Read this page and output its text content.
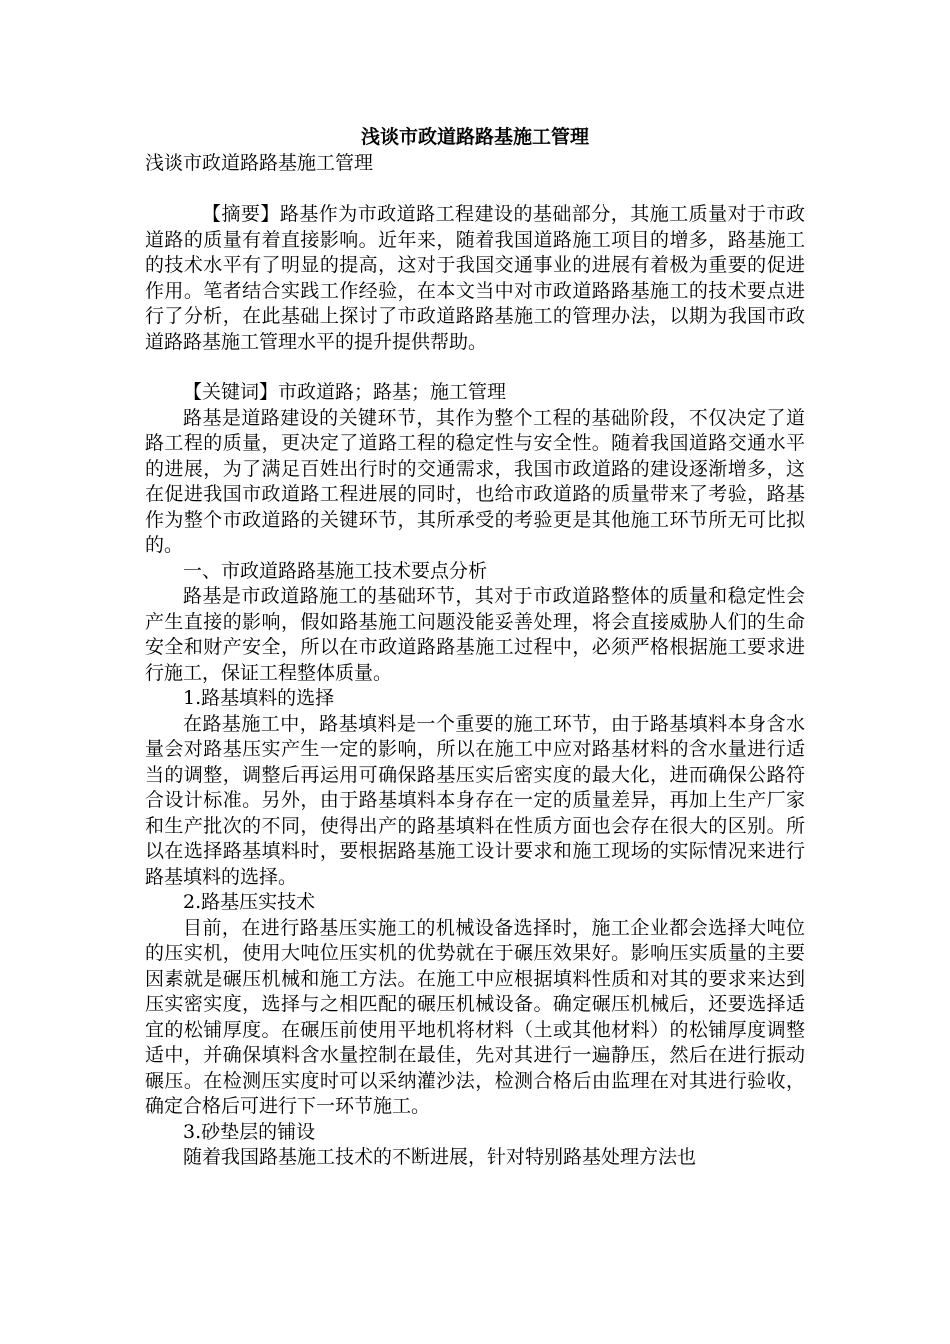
浅谈市政道路路基施工管理

浅谈市政道路路基施工管理

【摘要】路基作为市政道路工程建设的基础部分，其施工质量对于市政道路的质量有着直接影响。近年来，随着我国道路施工项目的增多，路基施工的技术水平有了明显的提高，这对于我国交通事业的进展有着极为重要的促进作用。笔者结合实践工作经验，在本文当中对市政道路路基施工的技术要点进行了分析，在此基础上探讨了市政道路路基施工的管理办法，以期为我国市政道路路基施工管理水平的提升提供帮助。

【关键词】市政道路；路基；施工管理

路基是道路建设的关键环节，其作为整个工程的基础阶段，不仅决定了道路工程的质量，更决定了道路工程的稳定性与安全性。随着我国道路交通水平的进展，为了满足百姓出行时的交通需求，我国市政道路的建设逐渐增多，这在促进我国市政道路工程进展的同时，也给市政道路的质量带来了考验，路基作为整个市政道路的关键环节，其所承受的考验更是其他施工环节所无可比拟的。

一、市政道路路基施工技术要点分析

路基是市政道路施工的基础环节，其对于市政道路整体的质量和稳定性会产生直接的影响，假如路基施工问题没能妥善处理，将会直接威胁人们的生命安全和财产安全，所以在市政道路路基施工过程中，必须严格根据施工要求进行施工，保证工程整体质量。

1.路基填料的选择

在路基施工中，路基填料是一个重要的施工环节，由于路基填料本身含水量会对路基压实产生一定的影响，所以在施工中应对路基材料的含水量进行适当的调整，调整后再运用可确保路基压实后密实度的最大化，进而确保公路符合设计标准。另外，由于路基填料本身存在一定的质量差异，再加上生产厂家和生产批次的不同，使得出产的路基填料在性质方面也会存在很大的区别。所以在选择路基填料时，要根据路基施工设计要求和施工现场的实际情况来进行路基填料的选择。

2.路基压实技术

目前，在进行路基压实施工的机械设备选择时，施工企业都会选择大吨位的压实机，使用大吨位压实机的优势就在于碾压效果好。影响压实质量的主要因素就是碾压机械和施工方法。在施工中应根据填料性质和对其的要求来达到压实密实度，选择与之相匹配的碾压机械设备。确定碾压机械后，还要选择适宜的松铺厚度。在碾压前使用平地机将材料（土或其他材料）的松铺厚度调整适中，并确保填料含水量控制在最佳，先对其进行一遍静压，然后在进行振动碾压。在检测压实度时可以采纳灌沙法，检测合格后由监理在对其进行验收，确定合格后可进行下一环节施工。

3.砂垫层的铺设

随着我国路基施工技术的不断进展，针对特别路基处理方法也
